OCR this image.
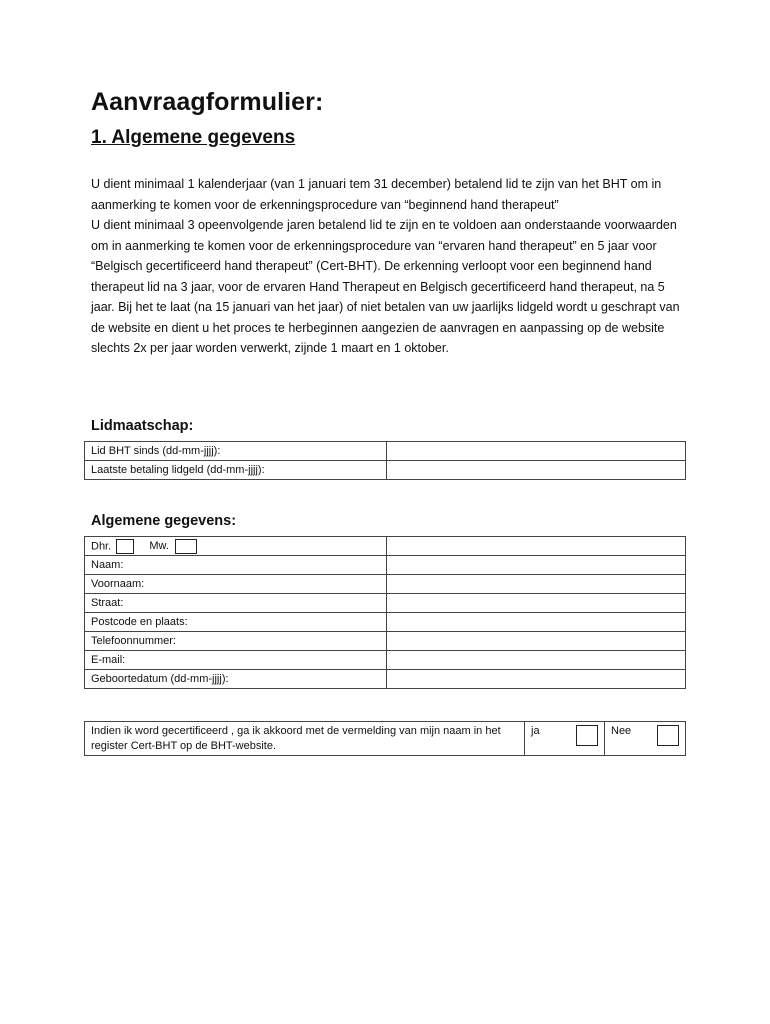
Aanvraagformulier:
1. Algemene gegevens

U dient minimaal 1 kalenderjaar (van 1 januari tem 31 december) betalend lid te zijn van het BHT om in aanmerking te komen voor de erkenningsprocedure van “beginnend hand therapeut”

U dient minimaal 3 opeenvolgende jaren betalend lid te zijn en te voldoen aan onderstaande voorwaarden om in aanmerking te komen voor de erkenningsprocedure van “ervaren hand therapeut” en 5 jaar voor “Belgisch gecertificeerd hand therapeut” (Cert-BHT). De erkenning verloopt voor een beginnend hand therapeut lid na 3 jaar, voor de ervaren Hand Therapeut en Belgisch gecertificeerd hand therapeut, na 5 jaar. Bij het te laat (na 15 januari van het jaar) of niet betalen van uw jaarlijks lidgeld wordt u geschrapt van de website en dient u het proces te herbeginnen aangezien de aanvragen en aanpassing op de website slechts 2x per jaar worden verwerkt, zijnde 1 maart en 1 oktober.

Lidmaatschap:
Lid BHT sinds (dd-mm-jjjj):	
Laatste betaling lidgeld (dd-mm-jjjj):	
Algemene gegevens:
Dhr. Mw.	
Naam:	
Voornaam:	
Straat:	
Postcode en plaats:	
Telefoonnummer:	
E-mail:	
Geboortedatum (dd-mm-jjjj):	
Indien ik word gecertificeerd , ga ik akkoord met de vermelding van mijn naam in het register Cert-BHT op de BHT-website.	
ja	Nee
